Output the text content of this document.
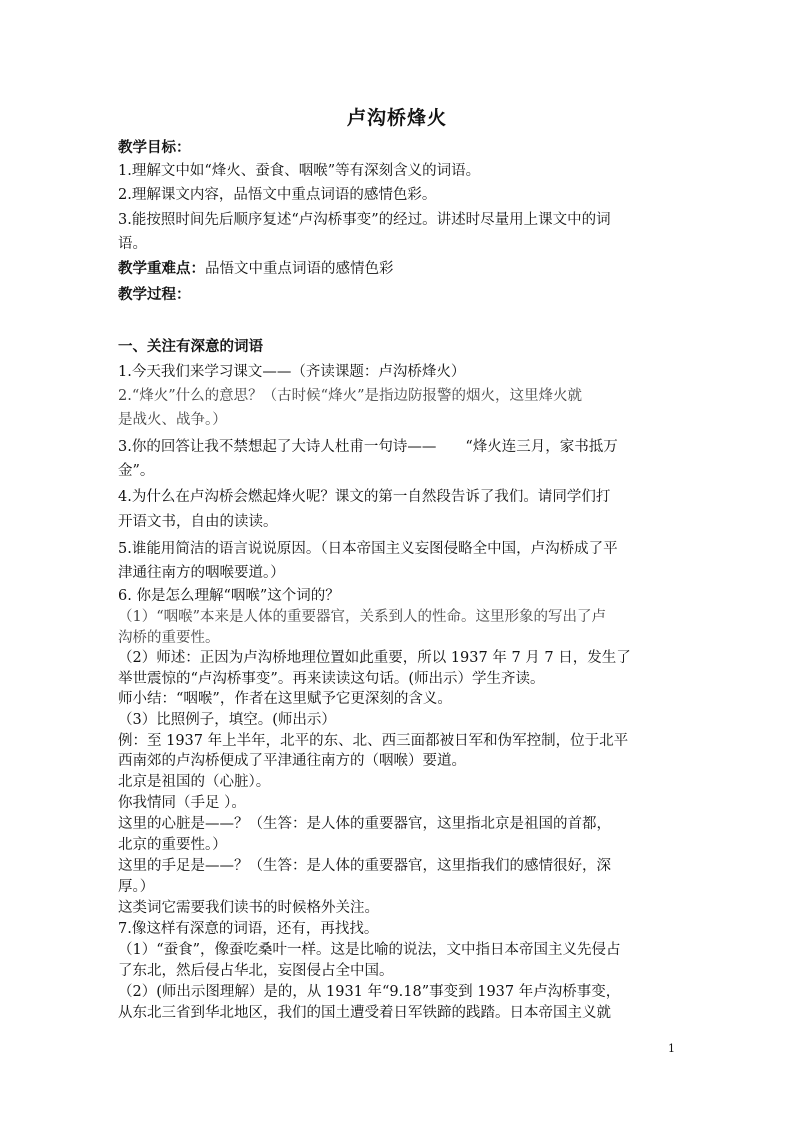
卢沟桥烽火
教学目标：
1.理解文中如“烽火、蚕食、咽喉”等有深刻含义的词语。
2.理解课文内容，品悟文中重点词语的感情色彩。
3.能按照时间先后顺序复述“卢沟桥事变”的经过。讲述时尽量用上课文中的词
语。
教学重难点：品悟文中重点词语的感情色彩
教学过程：
一、关注有深意的词语
1.今天我们来学习课文——（齐读课题：卢沟桥烽火）
2.“烽火”什么的意思？（古时候“烽火”是指边防报警的烟火，这里烽火就
是战火、战争。）
3.你的回答让我不禁想起了大诗人杜甫一句诗——　　“烽火连三月，家书抵万
金”。
4.为什么在卢沟桥会燃起烽火呢？课文的第一自然段告诉了我们。请同学们打
开语文书，自由的读读。
5.谁能用简洁的语言说说原因。（日本帝国主义妄图侵略全中国，卢沟桥成了平
津通往南方的咽喉要道。）
6. 你是怎么理解“咽喉”这个词的？
（1）“咽喉”本来是人体的重要器官，关系到人的性命。这里形象的写出了卢
沟桥的重要性。
（2）师述：正因为卢沟桥地理位置如此重要，所以 1937 年 7 月 7 日，发生了
举世震惊的“卢沟桥事变”。再来读读这句话。(师出示）学生齐读。
师小结：“咽喉”，作者在这里赋予它更深刻的含义。
（3）比照例子，填空。(师出示）
例：至 1937 年上半年，北平的东、北、西三面都被日军和伪军控制，位于北平
西南郊的卢沟桥便成了平津通往南方的（咽喉）要道。
北京是祖国的（心脏）。
你我情同（手足 ）。
这里的心脏是——？（生答：是人体的重要器官，这里指北京是祖国的首都，
北京的重要性。）
这里的手足是——？（生答：是人体的重要器官，这里指我们的感情很好，深
厚。）
这类词它需要我们读书的时候格外关注。
7.像这样有深意的词语，还有，再找找。
（1）“蚕食”，像蚕吃桑叶一样。这是比喻的说法，文中指日本帝国主义先侵占
了东北，然后侵占华北，妄图侵占全中国。
（2）(师出示图理解）是的，从 1931 年“9.18”事变到 1937 年卢沟桥事变，
从东北三省到华北地区，我们的国土遭受着日军铁蹄的践踏。日本帝国主义就
1
